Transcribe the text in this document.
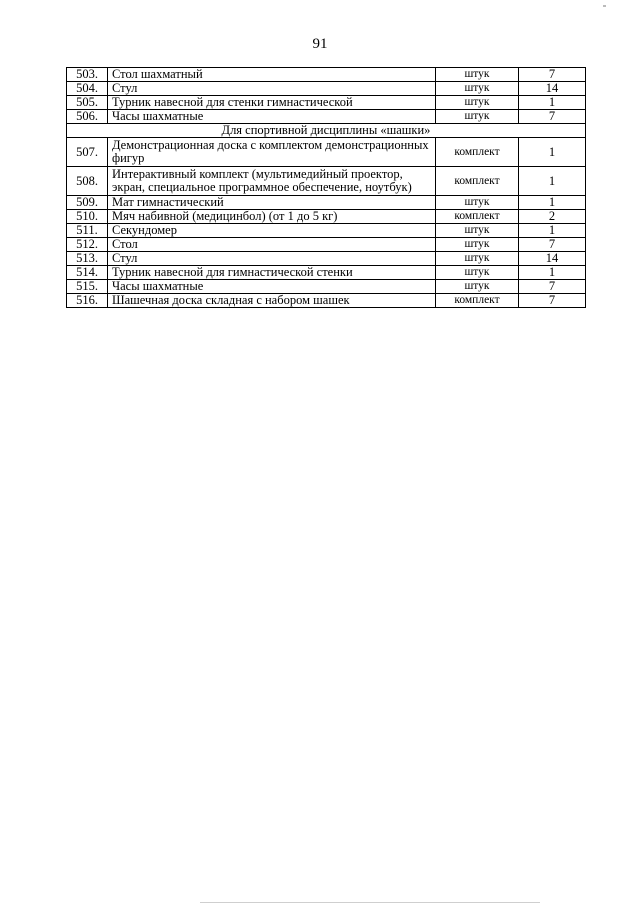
91
503.	Стол шахматный	штук	7
504.	Стул	штук	14
505.	Турник навесной для стенки гимнастической	штук	1
506.	Часы шахматные	штук	7
Для спортивной дисциплины «шашки»			
507.	Демонстрационная доска с комплектом демонстрационных
фигур	комплект	1
508.	Интерактивный комплект (мультимедийный проектор,
экран, специальное программное обеспечение, ноутбук)	комплект	1
509.	Мат гимнастический	штук	1
510.	Мяч набивной (медицинбол) (от 1 до 5 кг)	комплект	2
511.	Секундомер	штук	1
512.	Стол	штук	7
513.	Стул	штук	14
514.	Турник навесной для гимнастической стенки	штук	1
515.	Часы шахматные	штук	7
516.	Шашечная доска складная с набором шашек	комплект	7
